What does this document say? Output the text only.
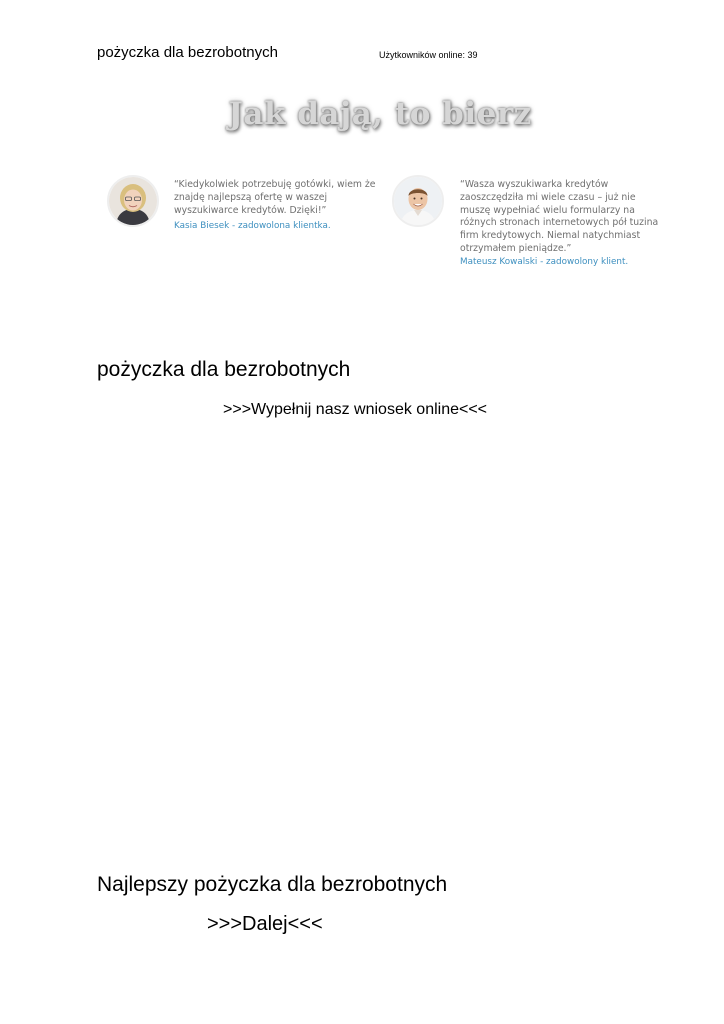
pożyczka dla bezrobotnych	Użytkowników online: 39
Jak dają, to bierz
“Kiedykolwiek potrzebuję gotówki, wiem że
znajdę najlepszą ofertę w waszej
wyszukiwarce kredytów. Dzięki!”
Kasia Biesek - zadowolona klientka.
“Wasza wyszukiwarka kredytów
zaoszczędziła mi wiele czasu – już nie
muszę wypełniać wielu formularzy na
różnych stronach internetowych pół tuzina
firm kredytowych. Niemal natychmiast
otrzymałem pieniądze.”
Mateusz Kowalski - zadowolony klient.
pożyczka dla bezrobotnych
>>>Wypełnij nasz wniosek online<<<
Najlepszy pożyczka dla bezrobotnych
>>>Dalej<<<
